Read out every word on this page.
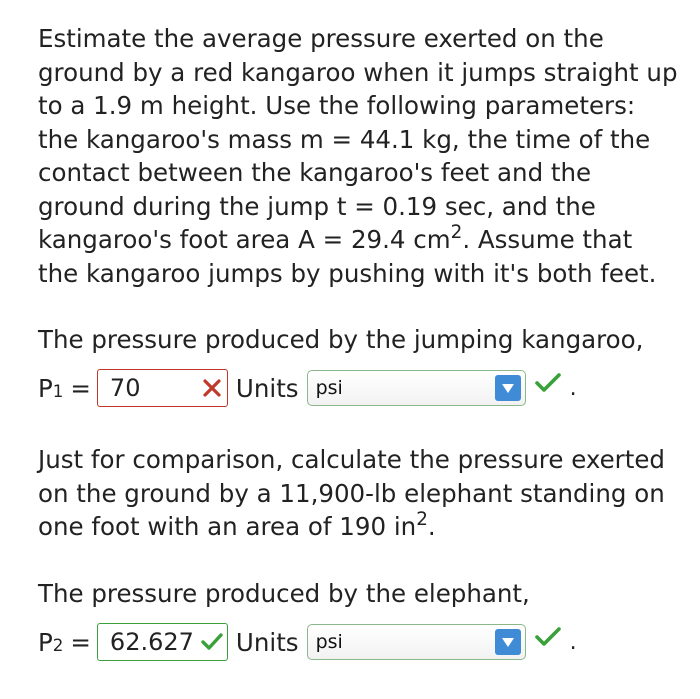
Estimate the average pressure exerted on the ground by a red kangaroo when it jumps straight up to a 1.9 m height. Use the following parameters: the kangaroo's mass m = 44.1 kg, the time of the contact between the kangaroo's feet and the ground during the jump t = 0.19 sec, and the kangaroo's foot area A = 29.4 $cm^2$. Assume that the kangaroo jumps by pushing with it's both feet.

The pressure produced by the jumping kangaroo,

P 1 = 70	Units psi	.

Just for comparison, calculate the pressure exerted on the ground by a 11,900-lb elephant standing on one foot with an area of 190 $in^2$.

The pressure produced by the elephant,

P 2 = 62.627 Units psi	.
